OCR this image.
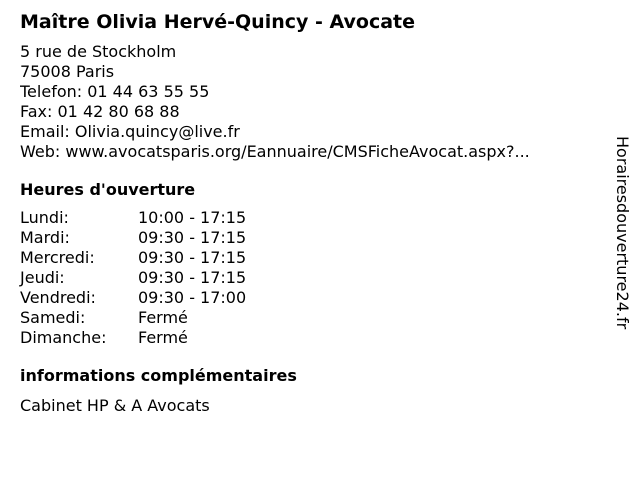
Maître Olivia Hervé-Quincy - Avocate
5 rue de Stockholm
75008 Paris
Telefon: 01 44 63 55 55
Fax: 01 42 80 68 88
Email: Olivia.quincy@live.fr
Web: www.avocatsparis.org/Eannuaire/CMSFicheAvocat.aspx?...
Heures d'ouverture
Lundi:	10:00 - 17:15
Mardi:	09:30 - 17:15
Mercredi:	09:30 - 17:15
Jeudi:	09:30 - 17:15
Vendredi:	09:30 - 17:00
Samedi:	Fermé
Dimanche: Fermé
informations complémentaires
Cabinet HP & A Avocats
Horairesdouverture24.fr
